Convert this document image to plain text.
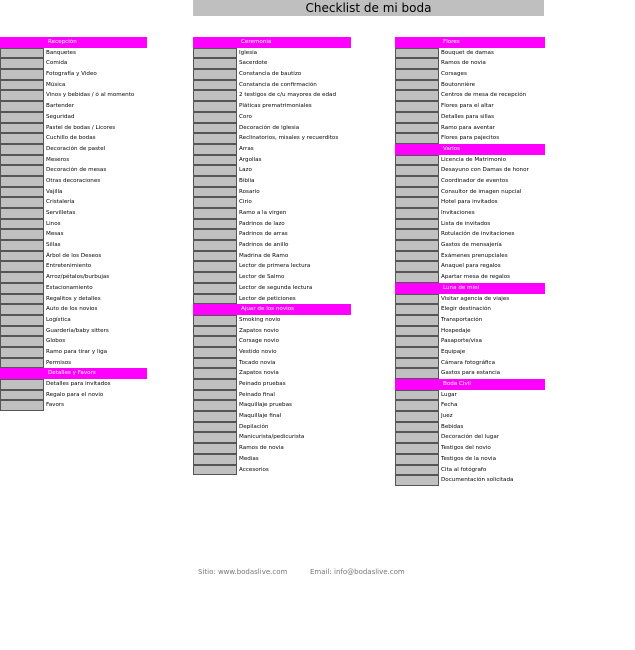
Checklist de mi boda
Recepción
Banquetes
Comida
Fotografía y Video
Música
Vinos y bebidas / ó al momento
Bartender
Seguridad
Pastel de bodas / Licores
Cuchillo de bodas
Decoración de pastel
Meseros
Decoración de mesas
Otras decoraciones
Vajilla
Cristalería
Servilletas
Linos
Mesas
Sillas
Árbol de los Deseos
Entretenimiento
Arroz/pétalos/burbujas
Estacionamiento
Regalitos y detalles
Auto de los novios
Logística
Guardería/baby sitters
Globos
Ramo para tirar y liga
Permisos
Detalles y Favors
Detalles para invitados
Regalo para el novio
Favors
Ceremonia
Iglesia
Sacerdote
Constancia de bautizo
Constancia de confirmación
2 testigos de c/u mayores de edad
Pláticas prematrimoniales
Coro
Decoración de iglesia
Reclinatorios, misales y recuerditos
Arras
Argollas
Lazo
Biblia
Rosario
Cirio
Ramo a la virgen
Padrinos de lazo
Padrinos de arras
Padrinos de anillo
Madrina de Ramo
Lector de primera lectura
Lector de Salmo
Lector de segunda lectura
Lector de peticiones
Ajuar de los novios
Smoking novio
Zapatos novio
Corsage novio
Vestido novio
Tocado novia
Zapatos novia
Peinado pruebas
Peinado final
Maquillaje pruebas
Maquillaje final
Depilación
Manicurista/pedicurista
Ramos de novia
Medias
Accesorios
Flores
Bouquet de damas
Ramos de novia
Corsages
Boutonnière
Centros de mesa de recepción
Flores para el altar
Detalles para sillas
Ramo para aventar
Flores para pajecitos
Varios
Licencia de Matrimonio
Desayuno con Damas de honor
Coordinador de eventos
Consultor de imagen nupcial
Hotel para invitados
Invitaciones
Lista de invitados
Rotulación de invitaciones
Gastos de mensajería
Exámenes prenupciales
Anaquel para regalos
Apartar mesa de regalos
Luna de miel
Visitar agencia de viajes
Elegir destinación
Transportación
Hospedaje
Pasaporte/visa
Equipaje
Cámara fotográfica
Gastos para estancia
Boda Civil
Lugar
Fecha
Juez
Bebidas
Decoración del lugar
Testigos del novio
Testigos de la novia
Cita al fotógrafo
Documentación solicitada
Sitio: www.bodaslive.com	Email: info@bodaslive.com
